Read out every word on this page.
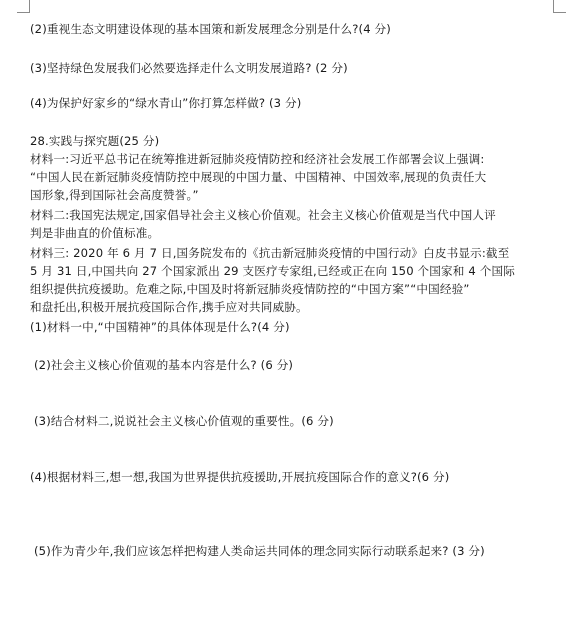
(2)重视生态文明建设体现的基本国策和新发展理念分别是什么?(4 分)
(3)坚持绿色发展我们必然要选择走什么文明发展道路? (2 分)
(4)为保护好家乡的“绿水青山”你打算怎样做? (3 分)
28.实践与探究题(25 分)
材料一:习近平总书记在统筹推进新冠肺炎疫情防控和经济社会发展工作部署会议上强调:
“中国人民在新冠肺炎疫情防控中展现的中国力量、中国精神、中国效率,展现的负责任大
国形象,得到国际社会高度赞誉。”
材料二:我国宪法规定,国家倡导社会主义核心价值观。社会主义核心价值观是当代中国人评
判是非曲直的价值标准。
材料三: 2020 年 6 月 7 日,国务院发布的《抗击新冠肺炎疫情的中国行动》白皮书显示:截至
5 月 31 日,中国共向 27 个国家派出 29 支医疗专家组,已经或正在向 150 个国家和 4 个国际
组织提供抗疫援助。危难之际,中国及时将新冠肺炎疫情防控的“中国方案”“中国经验”
和盘托出,积极开展抗疫国际合作,携手应对共同威胁。
(1)材料一中,“中国精神”的具体体现是什么?(4 分)
(2)社会主义核心价值观的基本内容是什么? (6 分)
(3)结合材料二,说说社会主义核心价值观的重要性。(6 分)
(4)根据材料三,想一想,我国为世界提供抗疫援助,开展抗疫国际合作的意义?(6 分)
(5)作为青少年,我们应该怎样把构建人类命运共同体的理念同实际行动联系起来? (3 分)
